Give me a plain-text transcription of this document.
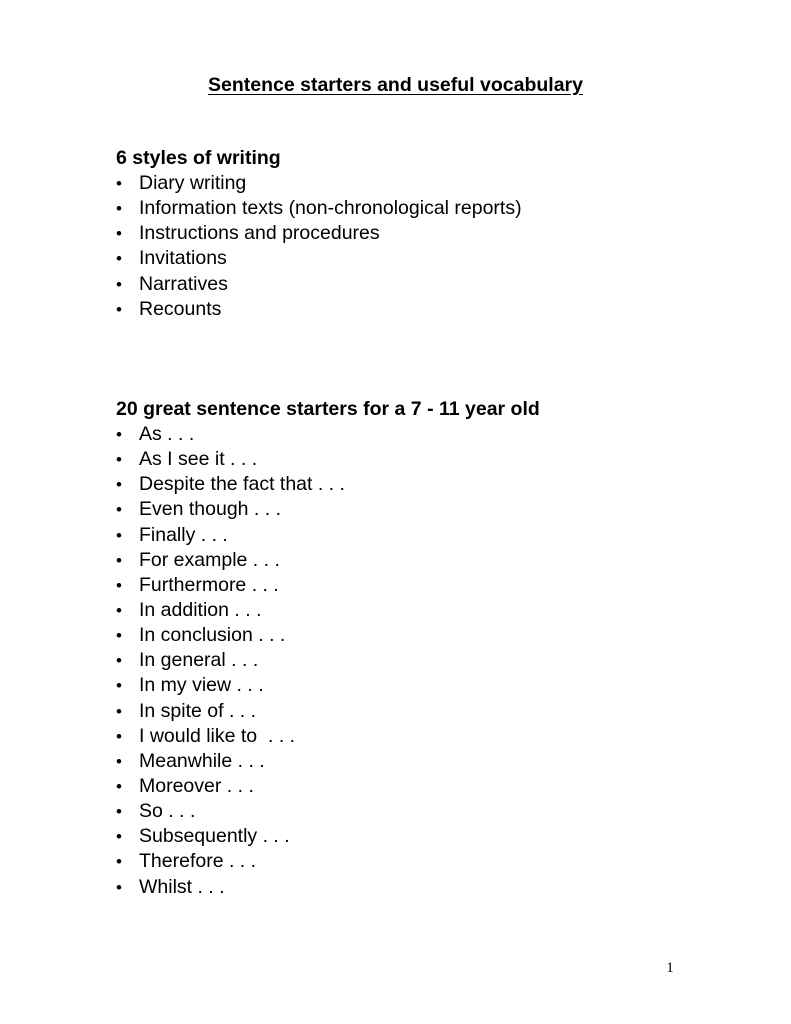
Sentence starters and useful vocabulary
6 styles of writing
• Diary writing
• Information texts (non-chronological reports)
• Instructions and procedures
• Invitations
• Narratives
• Recounts
20 great sentence starters for a 7 - 11 year old
• As . . .
• As I see it . . .
• Despite the fact that . . .
• Even though . . .
• Finally . . .
• For example . . .
• Furthermore . . .
• In addition . . .
• In conclusion . . .
• In general . . .
• In my view . . .
• In spite of . . .
• I would like to  . . .
• Meanwhile . . .
• Moreover . . .
• So . . .
• Subsequently . . .
• Therefore . . .
• Whilst . . .
1
